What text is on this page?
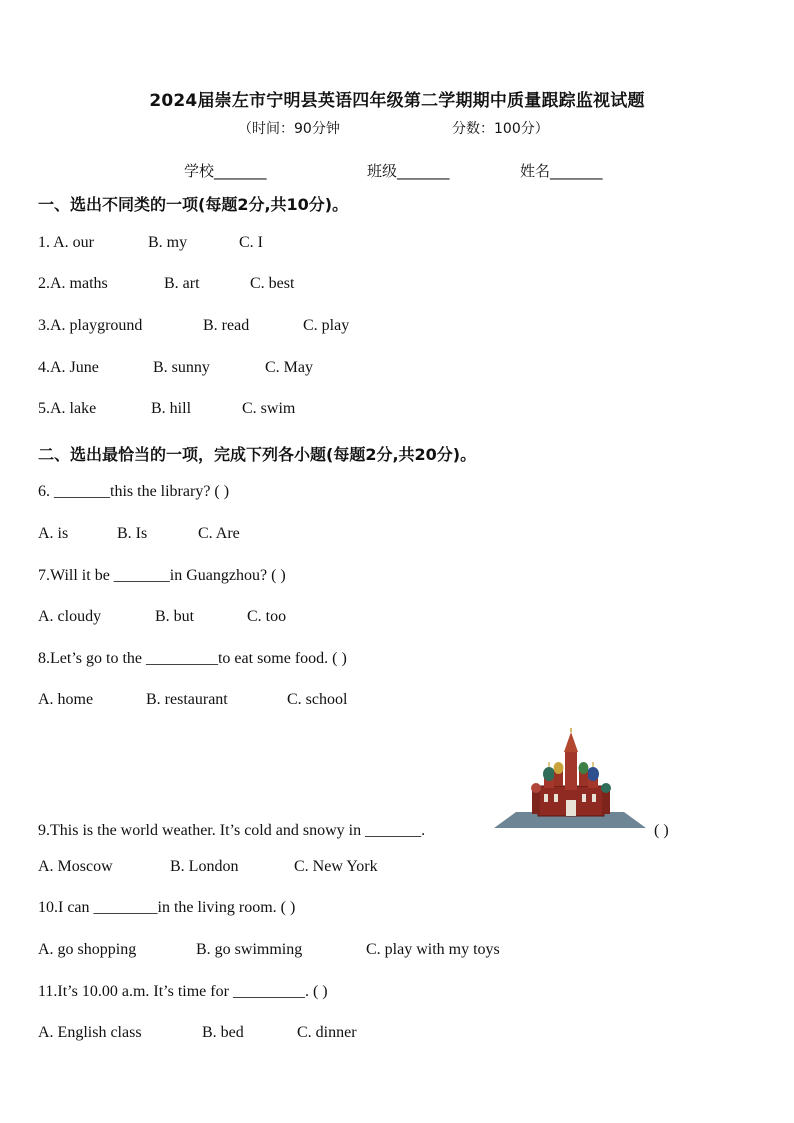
2024届崇左市宁明县英语四年级第二学期期中质量跟踪监视试题
（时间：90分钟	分数：100分）
学校_______	班级_______	姓名_______
一、选出不同类的一项(每题2分,共10分)。
1. A. our	B. my	C. I
2.A. maths	B. art	C. best
3.A. playground	B. read	C. play
4.A. June	B. sunny	C. May
5.A. lake	B. hill	C. swim
二、选出最恰当的一项，完成下列各小题(每题2分,共20分)。
6. _______this the library? ( )
A. is	B. Is	C. Are
7.Will it be _______in Guangzhou? ( )
A. cloudy	B. but	C. too
8.Let’s go to the _________to eat some food. ( )
A. home	B. restaurant	C. school
9.This is the world weather. It’s cold and snowy in _______.	( )
A. Moscow	B. London	C. New York
10.I can ________in the living room. ( )
A. go shopping	B. go swimming	C. play with my toys
11.It’s 10.00 a.m. It’s time for _________. ( )
A. English class	B. bed	C. dinner
